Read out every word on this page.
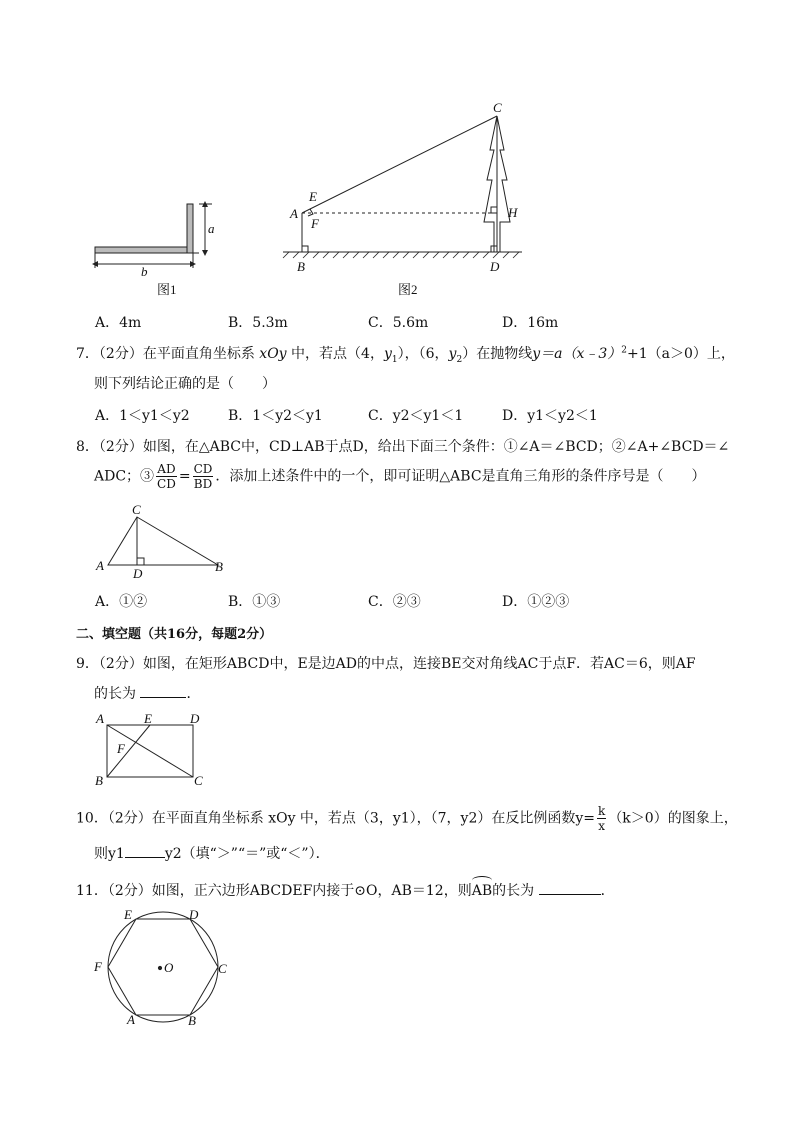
a
b
图1
C
E
A
F
H
B	D
图2
A．4m	B．5.3m	C．5.6m	D．16m
7．（2分）在平面直角坐标系 xOy 中，若点（4，$y_1$），（6，$y_2$）在抛物线y＝a（x﹣3）$^2$+1（a＞0）上，
则下列结论正确的是（　　）
A．1＜y1＜y2	B．1＜y2＜y1	C．y2＜y1＜1	D．y1＜y2＜1
8．（2分）如图，在△ABC中，CD⊥AB于点D，给出下面三个条件：①∠A＝∠BCD；②∠A+∠BCD＝∠
ADC；③ $\frac{AD}{CD} = \frac{CD}{BD}$ ．添加上述条件中的一个，即可证明△ABC是直角三角形的条件序号是（　　）
C
A
D	B
A．①②	B．①③	C．②③	D．①②③
二、填空题（共16分，每题2分）
9．（2分）如图，在矩形ABCD中，E是边AD的中点，连接BE交对角线AC于点F．若AC＝6，则AF
的长为	．
A	E	D
F
B	C
10．（2分）在平面直角坐标系 xOy 中，若点（3，y1），（7，y2）在反比例函数$y= \frac{k}{x} (k>0)$的图象上，
则y1	y2（填“＞”“＝”或“＜”）．
11．（2分）如图，正六边形ABCDEF内接于⊙O，AB＝12，则
AB的长为	．
E	D
F	O	C
A	B
